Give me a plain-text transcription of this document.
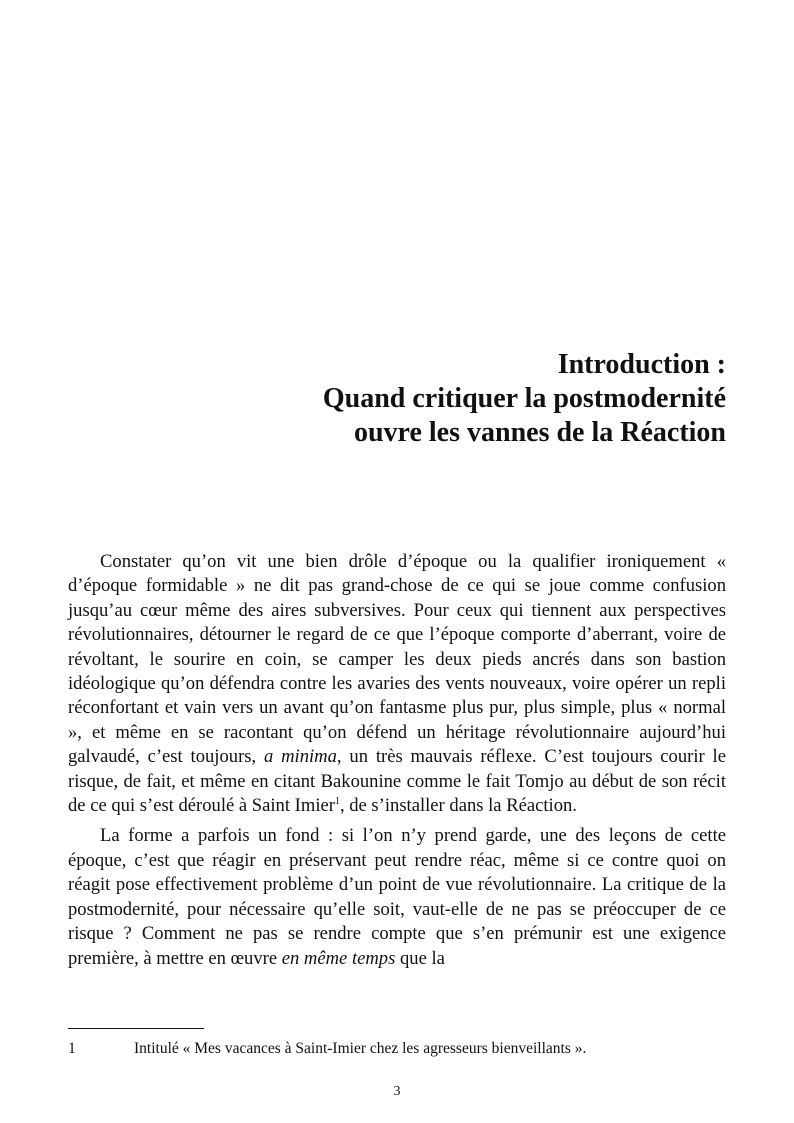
Introduction :
Quand critiquer la postmodernité
ouvre les vannes de la Réaction

Constater qu’on vit une bien drôle d’époque ou la qualifier ironiquement « d’époque formidable » ne dit pas grand-chose de ce qui se joue comme confusion jusqu’au cœur même des aires subversives. Pour ceux qui tiennent aux perspectives révolutionnaires, détourner le regard de ce que l’époque comporte d’aberrant, voire de révoltant, le sourire en coin, se camper les deux pieds ancrés dans son bastion idéologique qu’on défendra contre les avaries des vents nouveaux, voire opérer un repli réconfortant et vain vers un avant qu’on fantasme plus pur, plus simple, plus « normal », et même en se racontant qu’on défend un héritage révolutionnaire aujourd’hui galvaudé, c’est toujours, a minima, un très mauvais réflexe. C’est toujours courir le risque, de fait, et même en citant Bakounine comme le fait Tomjo au début de son récit de ce qui s’est déroulé à Saint Imier$^1$, de s’installer dans la Réaction.

La forme a parfois un fond : si l’on n’y prend garde, une des leçons de cette époque, c’est que réagir en préservant peut rendre réac, même si ce contre quoi on réagit pose effectivement problème d’un point de vue révolutionnaire. La critique de la postmodernité, pour nécessaire qu’elle soit, vaut-elle de ne pas se préoccuper de ce risque ? Comment ne pas se rendre compte que s’en prémunir est une exigence première, à mettre en œuvre en même temps que la

1	Intitulé « Mes vacances à Saint-Imier chez les agresseurs bienveillants ».
3
